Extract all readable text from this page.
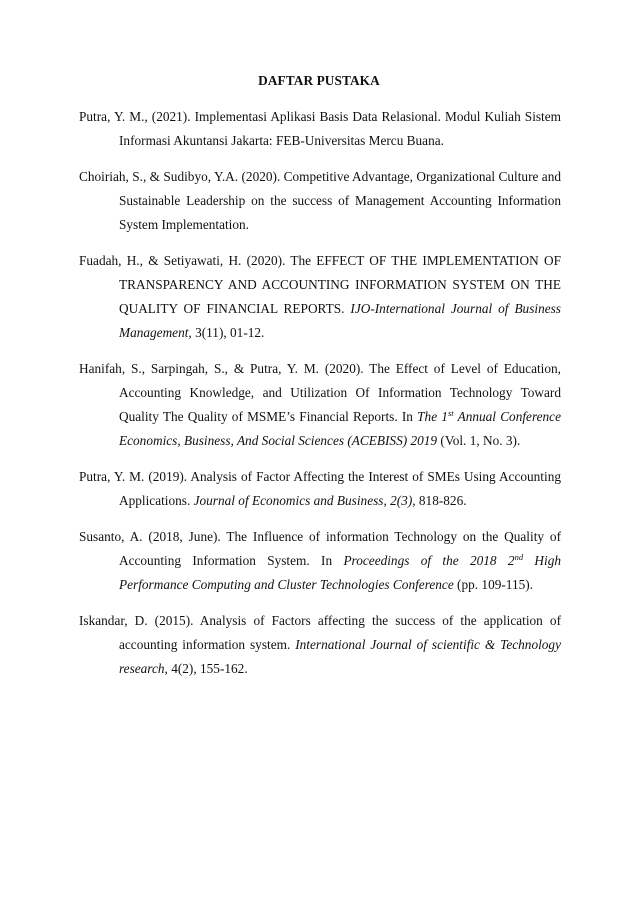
DAFTAR PUSTAKA

Putra, Y. M., (2021). Implementasi Aplikasi Basis Data Relasional. Modul Kuliah Sistem Informasi Akuntansi Jakarta: FEB-Universitas Mercu Buana.

Choiriah, S., & Sudibyo, Y.A. (2020). Competitive Advantage, Organizational Culture and Sustainable Leadership on the success of Management Accounting Information System Implementation.

Fuadah, H., & Setiyawati, H. (2020). The EFFECT OF THE IMPLEMENTATION OF TRANSPARENCY AND ACCOUNTING INFORMATION SYSTEM ON THE QUALITY OF FINANCIAL REPORTS. IJO-International Journal of Business Management, 3(11), 01-12.

Hanifah, S., Sarpingah, S., & Putra, Y. M. (2020). The Effect of Level of Education, Accounting Knowledge, and Utilization Of Information Technology Toward Quality The Quality of MSME’s Financial Reports. In The 1st Annual Conference Economics, Business, And Social Sciences (ACEBISS) 2019 (Vol. 1, No. 3).

Putra, Y. M. (2019). Analysis of Factor Affecting the Interest of SMEs Using Accounting Applications. Journal of Economics and Business, 2(3), 818-826.

Susanto, A. (2018, June). The Influence of information Technology on the Quality of Accounting Information System. In Proceedings of the 2018 2nd High Performance Computing and Cluster Technologies Conference (pp. 109-115).

Iskandar, D. (2015). Analysis of Factors affecting the success of the application of accounting information system. International Journal of scientific & Technology research, 4(2), 155-162.
